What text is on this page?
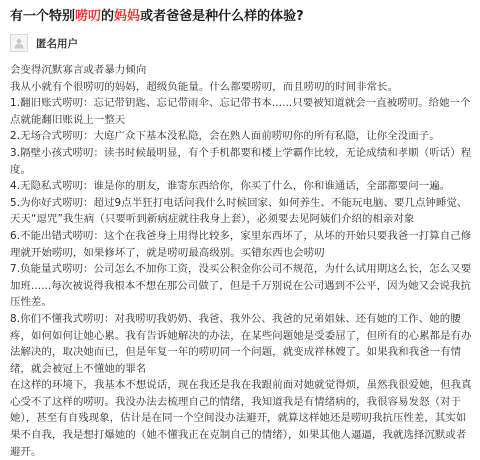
有一个特别唠叨的妈妈或者爸爸是种什么样的体验?
匿名用户

会变得沉默寡言或者暴力倾向

我从小就有个很唠叨的妈妈，超级负能量。什么都要唠叨，而且唠叨的时间非常长。

1.翻旧账式唠叨：忘记带钥匙、忘记带雨伞、忘记带书本......只要被知道就会一直被唠叨。给她一个点就能翻旧账说上一整天

2.无场合式唠叨：大庭广众下基本没私隐，会在熟人面前唠叨你的所有私隐，让你全没面子。

3.隔壁小孩式唠叨：读书时候最明显，有个手机都要和楼上学霸作比较，无论成绩和孝顺（听话）程度。

4.无隐私式唠叨：谁是你的朋友，谁寄东西给你，你买了什么，你和谁通话，全部都要问一遍。

5.为你好式唠叨：超过9点半狂打电话问我什么时候回家、如何养生、不能玩电脑、要几点钟睡觉、天天“逗咒”我生病（只要听到新病症就往我身上套），必须要去见阿姨们介绍的相亲对象

6.不能出错式唠叨：这个在我爸身上用得比较多，家里东西坏了，从坏的开始只要我爸一打算自己修理就开始唠叨，如果修坏了，就是唠叨最高级别。买错东西也会唠叨

7.负能量式唠叨：公司怎么不加你工资，没买公积金你公司不规范，为什么试用期这么长，怎么又要加班......每次被说得我根本不想在那公司做了，但是千万别说在公司遇到不公平，因为她又会说我抗压性差。

8.你们不懂我式唠叨：对我唠叨我奶奶、我爸、我外公、我爸的兄弟姐妹、还有她的工作、她的腰疼，如何如何让她心累。我有告诉她解决的办法，在某些问题她是受委屈了，但所有的心累都是有办法解决的，取决她而已，但是年复一年的唠叨同一个问题，就变成祥林嫂了。如果我和我爸一有情绪，就会被冠上不懂她的罪名

在这样的环境下，我基本不想说话，现在我还是我在我跟前面对她就觉得烦，虽然我很爱她，但我真心受不了这样的唠叨。我没办法去梳理自己的情绪，我知道我是有情绪病的，我很容易发怒（对于她），甚至有自残现象，估计是在同一个空间没办法避开，就算这样她还是唠叨我抗压性差，其实如果不自我，我是想打爆她的（她不懂我正在克制自己的情绪），如果其他人逼逼，我就选择沉默或者避开。
